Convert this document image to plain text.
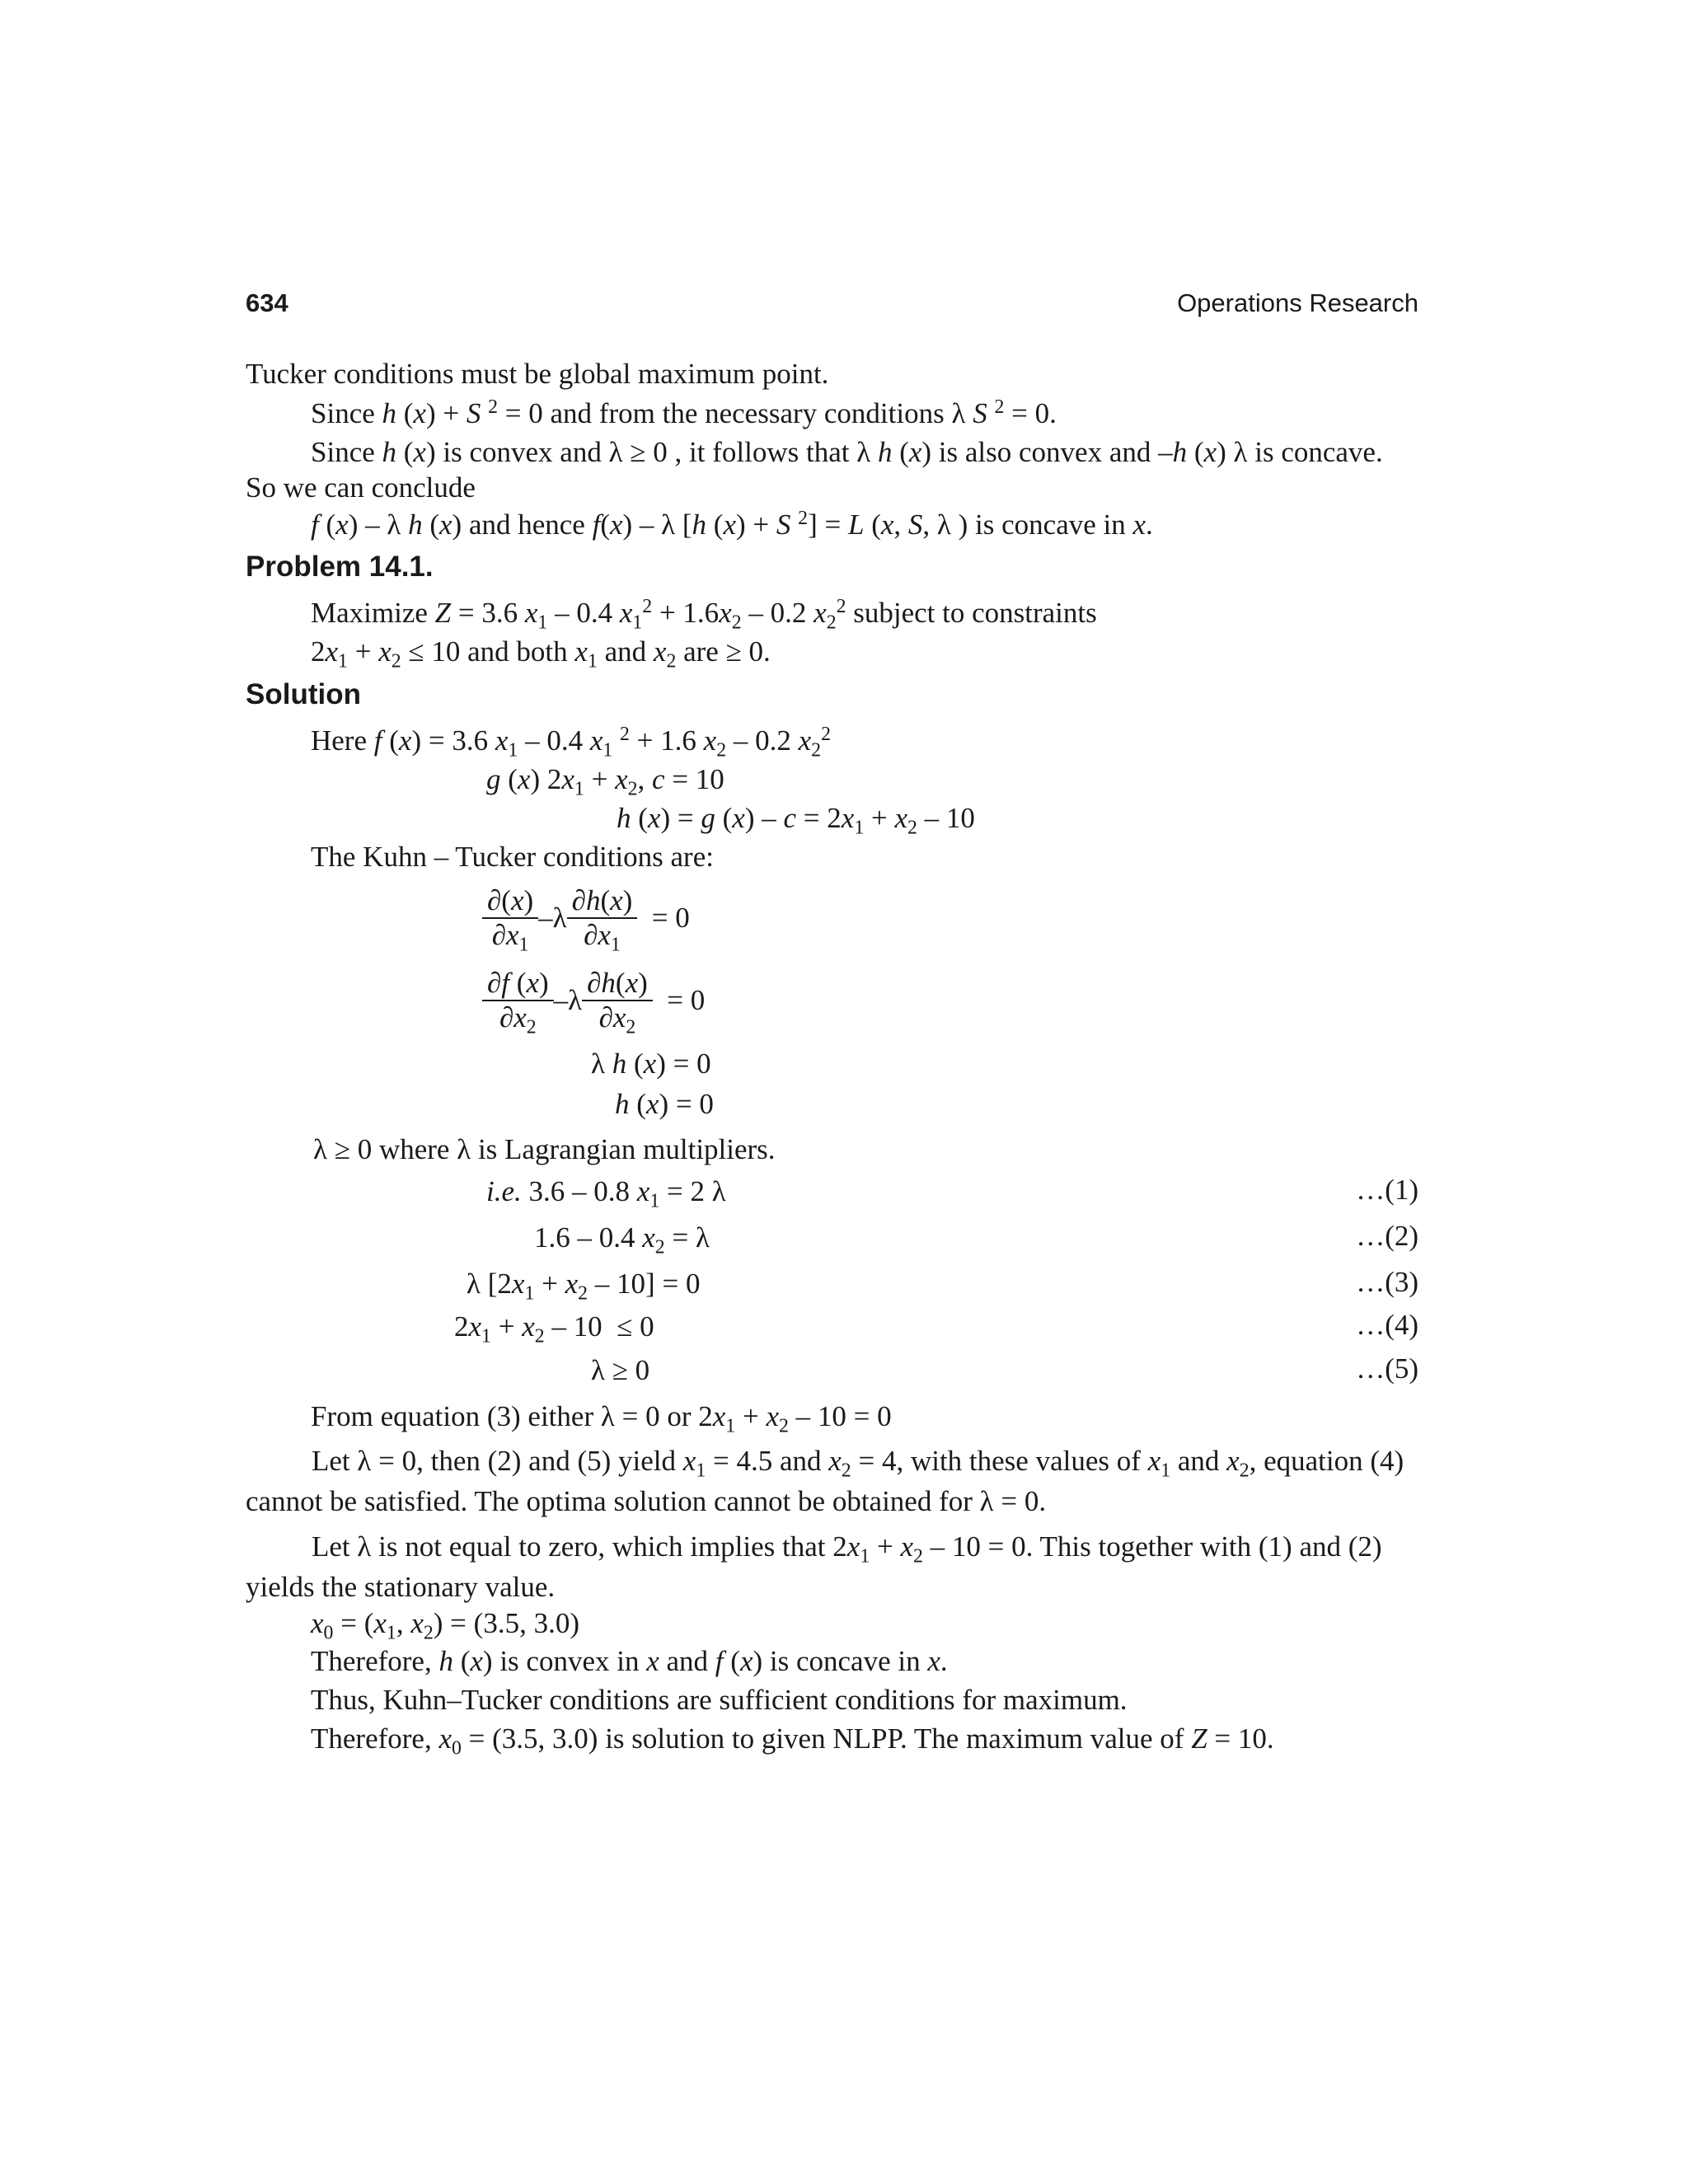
634	Operations Research
Tucker conditions must be global maximum point.
Since h (x) + S $^2$ = 0 and from the necessary conditions λ S $^2$ = 0.
Since h (x) is convex and λ ≥ 0 , it follows that λ h (x) is also convex and –h (x) λ is concave.
So we can conclude
f (x) – λ h (x) and hence f(x) – λ [h (x) + S $^2$] = L (x, S, λ ) is concave in x.
Problem 14.1.
Maximize Z = 3.6 $x_1 - 0.4$ $x_1^2 + 1.6x_2 - 0.2$ $x_2^2$ subject to constraints
$2x_1 + x_2 \le 10$ and both $x_1$ and $x_2$ are ≥ 0.
Solution
Here f (x) = 3.6 $x_1 - 0.4$ $x_1$ $^2$ + 1.6 $x_2 - 0.2$ $x_2^2$
g (x) $2x_1 + x_2$, c = 10
h (x) = g $(x) - c = 2x_1 + x_2 - 10$
The Kuhn – Tucker conditions are:
$\frac{\partial(x)}{\partial x_1} -\lambda \frac{\partial h(x)}{\partial x_1} = 0$
$\frac{\partial f (x)}{\partial x_2} -\lambda \frac{\partial h(x)}{\partial x_2} = 0$
λ h (x) = 0
h (x) = 0
λ ≥ 0 where λ is Lagrangian multipliers.
i.e. 3.6 – 0.8 $x_1 = 2$ λ	…(1)
1.6 – 0.4 $x_2 = \lambda$	…(2)
λ $[2x_1 + x_2 - 10] = 0$	…(3)
$2x_1 + x_2 - 10 \le 0$	…(4)
λ ≥ 0	…(5)
From equation (3) either λ = 0 or $2x_1 + x_2 - 10 = 0$
Let λ = 0, then (2) and (5) yield $x_1 = 4.5$ and $x_2 = 4$, with these values of $x_1$ and $x_2$, equation (4) cannot be satisfied. The optima solution cannot be obtained for λ = 0.
Let λ is not equal to zero, which implies that $2x_1 + x_2 - 10 = 0$. This together with (1) and (2) yields the stationary value.
$x_0 = (x_1$, $x_2) = (3.5$, 3.0)
Therefore, h (x) is convex in x and f (x) is concave in x.
Thus, Kuhn–Tucker conditions are sufficient conditions for maximum.
Therefore, $x_0 = (3.5$, 3.0) is solution to given NLPP. The maximum value of Z = 10.
